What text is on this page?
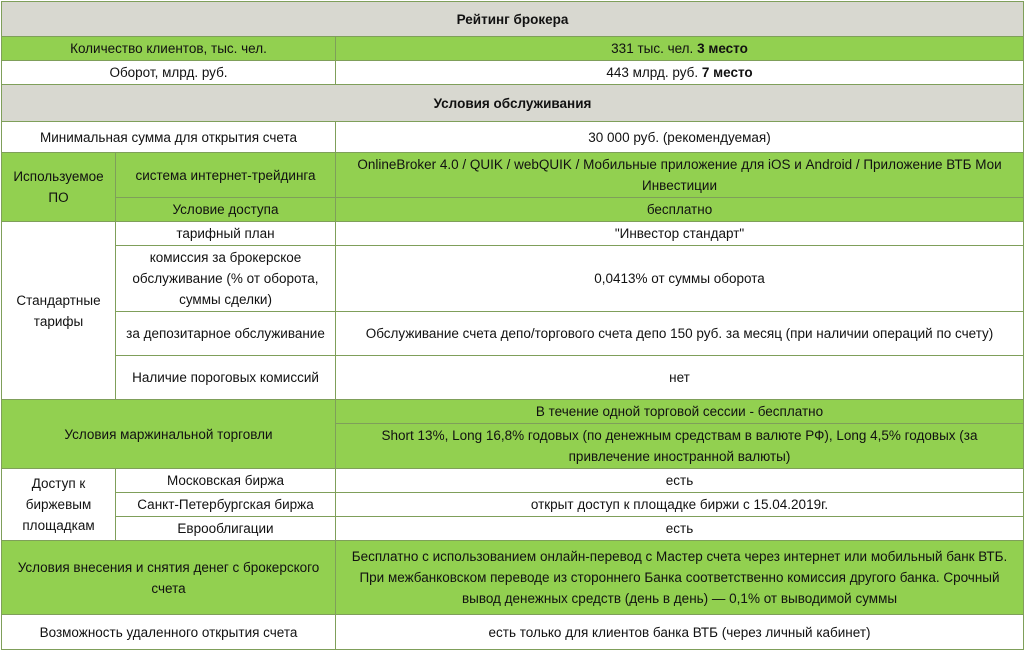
Рейтинг брокера		
Количество клиентов, тыс. чел.		331 тыс. чел. 3 место
Оборот, млрд. руб.		443 млрд. руб. 7 место
Условия обслуживания		
Минимальная сумма для открытия счета		30 000 руб. (рекомендуемая)
Используемое ПО	система интернет-трейдинга	OnlineBroker 4.0 / QUIK / webQUIK / Мобильные приложение для iOS и Android / Приложение ВТБ Мои Инвестиции
	Условие доступа	бесплатно
Стандартные тарифы	тарифный план	"Инвестор стандарт"
	комиссия за брокерское обслуживание (% от оборота, суммы сделки)	0,0413% от суммы оборота
	за депозитарное обслуживание	Обслуживание счета депо/торгового счета депо 150 руб. за месяц (при наличии операций по счету)
	Наличие пороговых комиссий	нет
Условия маржинальной торговли		В течение одной торговой сессии - бесплатно
		Short 13%, Long 16,8% годовых (по денежным средствам в валюте РФ), Long 4,5% годовых (за привлечение иностранной валюты)
Доступ к биржевым площадкам	Московская биржа	есть
	Санкт-Петербургская биржа	открыт доступ к площадке биржи с 15.04.2019г.
	Еврооблигации	есть
Условия внесения и снятия денег с брокерского счета		Бесплатно с использованием онлайн-перевод с Мастер счета через интернет или мобильный банк ВТБ. При межбанковском переводе из стороннего Банка соответственно комиссия другого банка. Срочный вывод денежных средств (день в день) — 0,1% от выводимой суммы
Возможность удаленного открытия счета		есть только для клиентов банка ВТБ (через личный кабинет)
